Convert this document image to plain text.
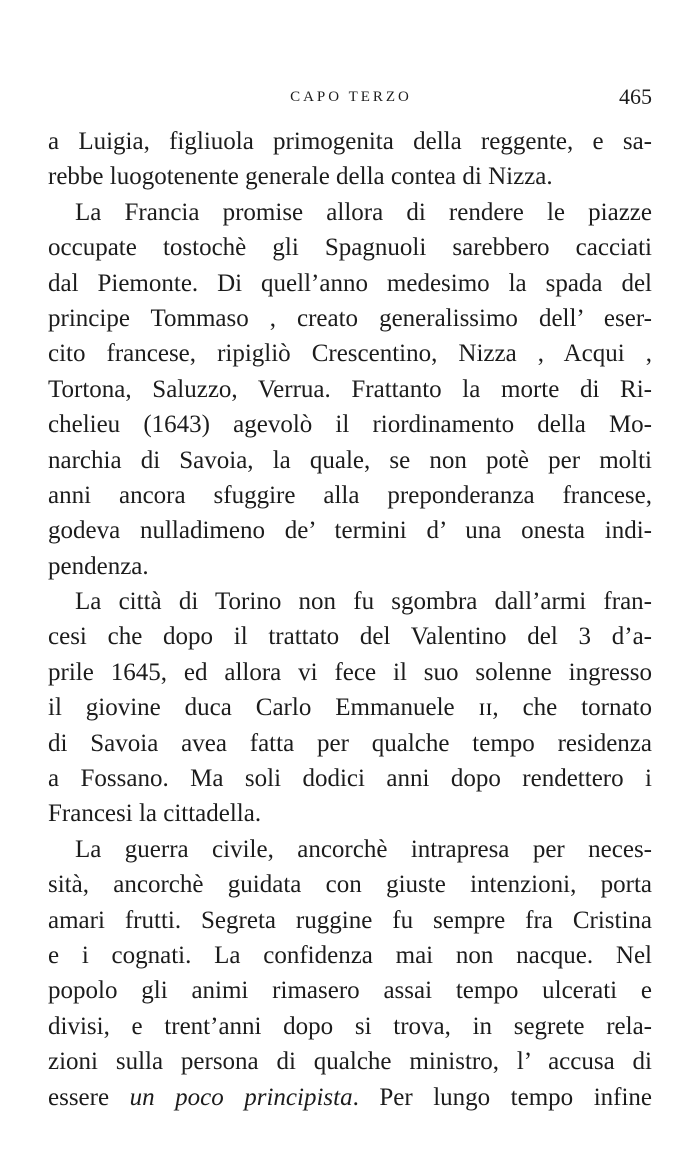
CAPO TERZO	465
a Luigia, figliuola primogenita della reggente, e sa-
rebbe luogotenente generale della contea di Nizza.
La Francia promise allora di rendere le piazze
occupate tostochè gli Spagnuoli sarebbero cacciati
dal Piemonte. Di quell’anno medesimo la spada del
principe Tommaso , creato generalissimo dell’ eser-
cito francese, ripigliò Crescentino, Nizza , Acqui ,
Tortona, Saluzzo, Verrua. Frattanto la morte di Ri-
chelieu (1643) agevolò il riordinamento della Mo-
narchia di Savoia, la quale, se non potè per molti
anni ancora sfuggire alla preponderanza francese,
godeva nulladimeno de’ termini d’ una onesta indi-
pendenza.
La città di Torino non fu sgombra dall’armi fran-
cesi che dopo il trattato del Valentino del 3 d’a-
prile 1645, ed allora vi fece il suo solenne ingresso
il giovine duca Carlo Emmanuele ɪɪ, che tornato
di Savoia avea fatta per qualche tempo residenza
a Fossano. Ma soli dodici anni dopo rendettero i
Francesi la cittadella.
La guerra civile, ancorchè intrapresa per neces-
sità, ancorchè guidata con giuste intenzioni, porta
amari frutti. Segreta ruggine fu sempre fra Cristina
e i cognati. La confidenza mai non nacque. Nel
popolo gli animi rimasero assai tempo ulcerati e
divisi, e trent’anni dopo si trova, in segrete rela-
zioni sulla persona di qualche ministro, l’ accusa di
essere un poco principista. Per lungo tempo infine
